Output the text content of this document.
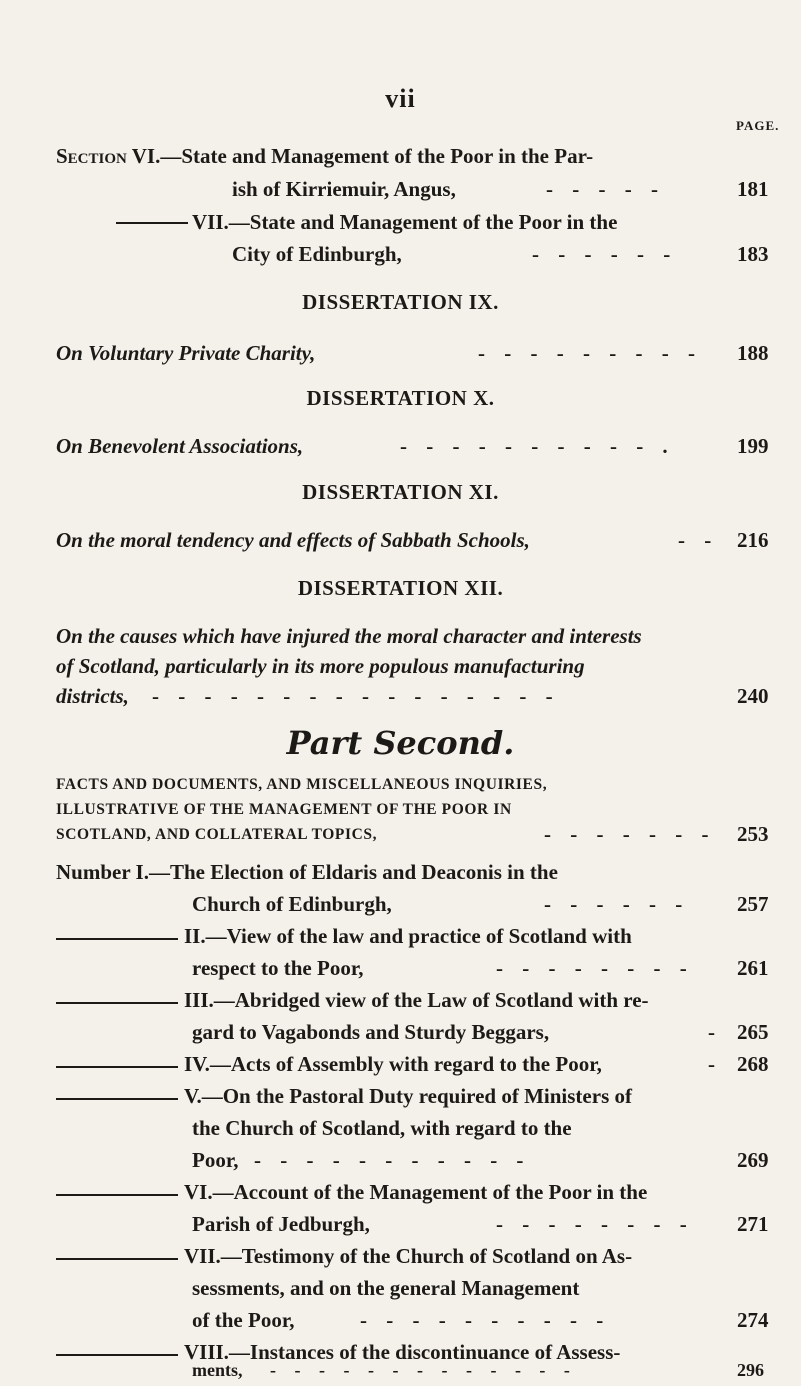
vii
PAGE.
Section VI.—State and Management of the Poor in the Par-
ish of Kirriemuir, Angus,	- - - - -	181
VII.—State and Management of the Poor in the
City of Edinburgh,	- - - - - -	183
DISSERTATION IX.
On Voluntary Private Charity,	- - - - - - - - - 188
DISSERTATION X.
On Benevolent Associations,	- - - - - - - - - - .	199
DISSERTATION XI.
On the moral tendency and effects of Sabbath Schools,	- - 216
DISSERTATION XII.
On the causes which have injured the moral character and interests
of Scotland, particularly in its more populous manufacturing
districts, - - - - - - - - - - - - - - - -	240
Part Second.
FACTS AND DOCUMENTS, AND MISCELLANEOUS INQUIRIES,
ILLUSTRATIVE OF THE MANAGEMENT OF THE POOR IN
SCOTLAND, AND COLLATERAL TOPICS,	- - - - - - - 253
Number I.—The Election of Eldaris and Deaconis in the
Church of Edinburgh,	- - - - - - 257
II.—View of the law and practice of Scotland with
respect to the Poor,	- - - - - - - - 261
III.—Abridged view of the Law of Scotland with re-
gard to Vagabonds and Sturdy Beggars,	- 265
IV.—Acts of Assembly with regard to the Poor,	- 268
V.—On the Pastoral Duty required of Ministers of
the Church of Scotland, with regard to the
Poor, - - - - - - - - - - -	269
VI.—Account of the Management of the Poor in the
Parish of Jedburgh,	- - - - - - - - 271
VII.—Testimony of the Church of Scotland on As-
sessments, and on the general Management
of the Poor,	- - - - - - - - - -	274
VIII.—Instances of the discontinuance of Assess-
ments, - - - - - - - - - - - - -	296
